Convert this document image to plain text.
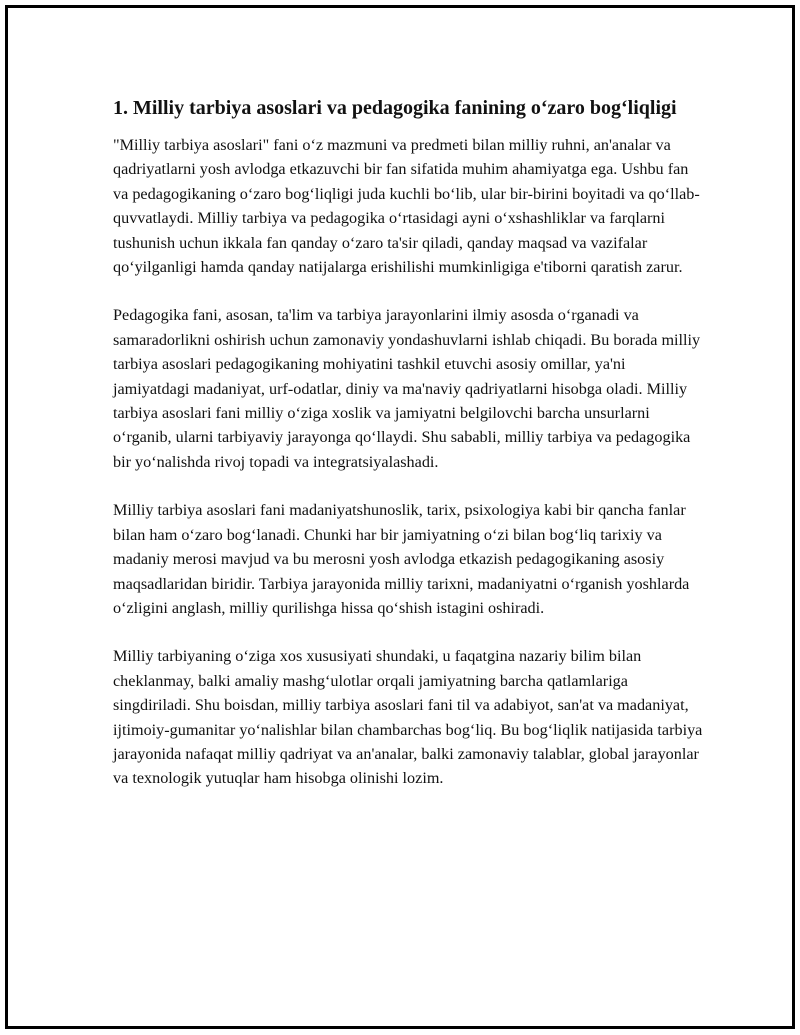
1. Milliy tarbiya asoslari va pedagogika fanining oʻzaro bogʻliqligi

"Milliy tarbiya asoslari" fani oʻz mazmuni va predmeti bilan milliy ruhni, an'analar va qadriyatlarni yosh avlodga etkazuvchi bir fan sifatida muhim ahamiyatga ega. Ushbu fan va pedagogikaning oʻzaro bogʻliqligi juda kuchli boʻlib, ular bir-birini boyitadi va qoʻllab-quvvatlaydi. Milliy tarbiya va pedagogika oʻrtasidagi ayni oʻxshashliklar va farqlarni tushunish uchun ikkala fan qanday oʻzaro ta'sir qiladi, qanday maqsad va vazifalar qoʻyilganligi hamda qanday natijalarga erishilishi mumkinligiga e'tiborni qaratish zarur.

Pedagogika fani, asosan, ta'lim va tarbiya jarayonlarini ilmiy asosda oʻrganadi va samaradorlikni oshirish uchun zamonaviy yondashuvlarni ishlab chiqadi. Bu borada milliy tarbiya asoslari pedagogikaning mohiyatini tashkil etuvchi asosiy omillar, ya'ni jamiyatdagi madaniyat, urf-odatlar, diniy va ma'naviy qadriyatlarni hisobga oladi. Milliy tarbiya asoslari fani milliy oʻziga xoslik va jamiyatni belgilovchi barcha unsurlarni oʻrganib, ularni tarbiyaviy jarayonga qoʻllaydi. Shu sababli, milliy tarbiya va pedagogika bir yoʻnalishda rivoj topadi va integratsiyalashadi.

Milliy tarbiya asoslari fani madaniyatshunoslik, tarix, psixologiya kabi bir qancha fanlar bilan ham oʻzaro bogʻlanadi. Chunki har bir jamiyatning oʻzi bilan bogʻliq tarixiy va madaniy merosi mavjud va bu merosni yosh avlodga etkazish pedagogikaning asosiy maqsadlaridan biridir. Tarbiya jarayonida milliy tarixni, madaniyatni oʻrganish yoshlarda oʻzligini anglash, milliy qurilishga hissa qoʻshish istagini oshiradi.

Milliy tarbiyaning oʻziga xos xususiyati shundaki, u faqatgina nazariy bilim bilan cheklanmay, balki amaliy mashgʻulotlar orqali jamiyatning barcha qatlamlariga singdiriladi. Shu boisdan, milliy tarbiya asoslari fani til va adabiyot, san'at va madaniyat, ijtimoiy-gumanitar yoʻnalishlar bilan chambarchas bogʻliq. Bu bogʻliqlik natijasida tarbiya jarayonida nafaqat milliy qadriyat va an'analar, balki zamonaviy talablar, global jarayonlar va texnologik yutuqlar ham hisobga olinishi lozim.
